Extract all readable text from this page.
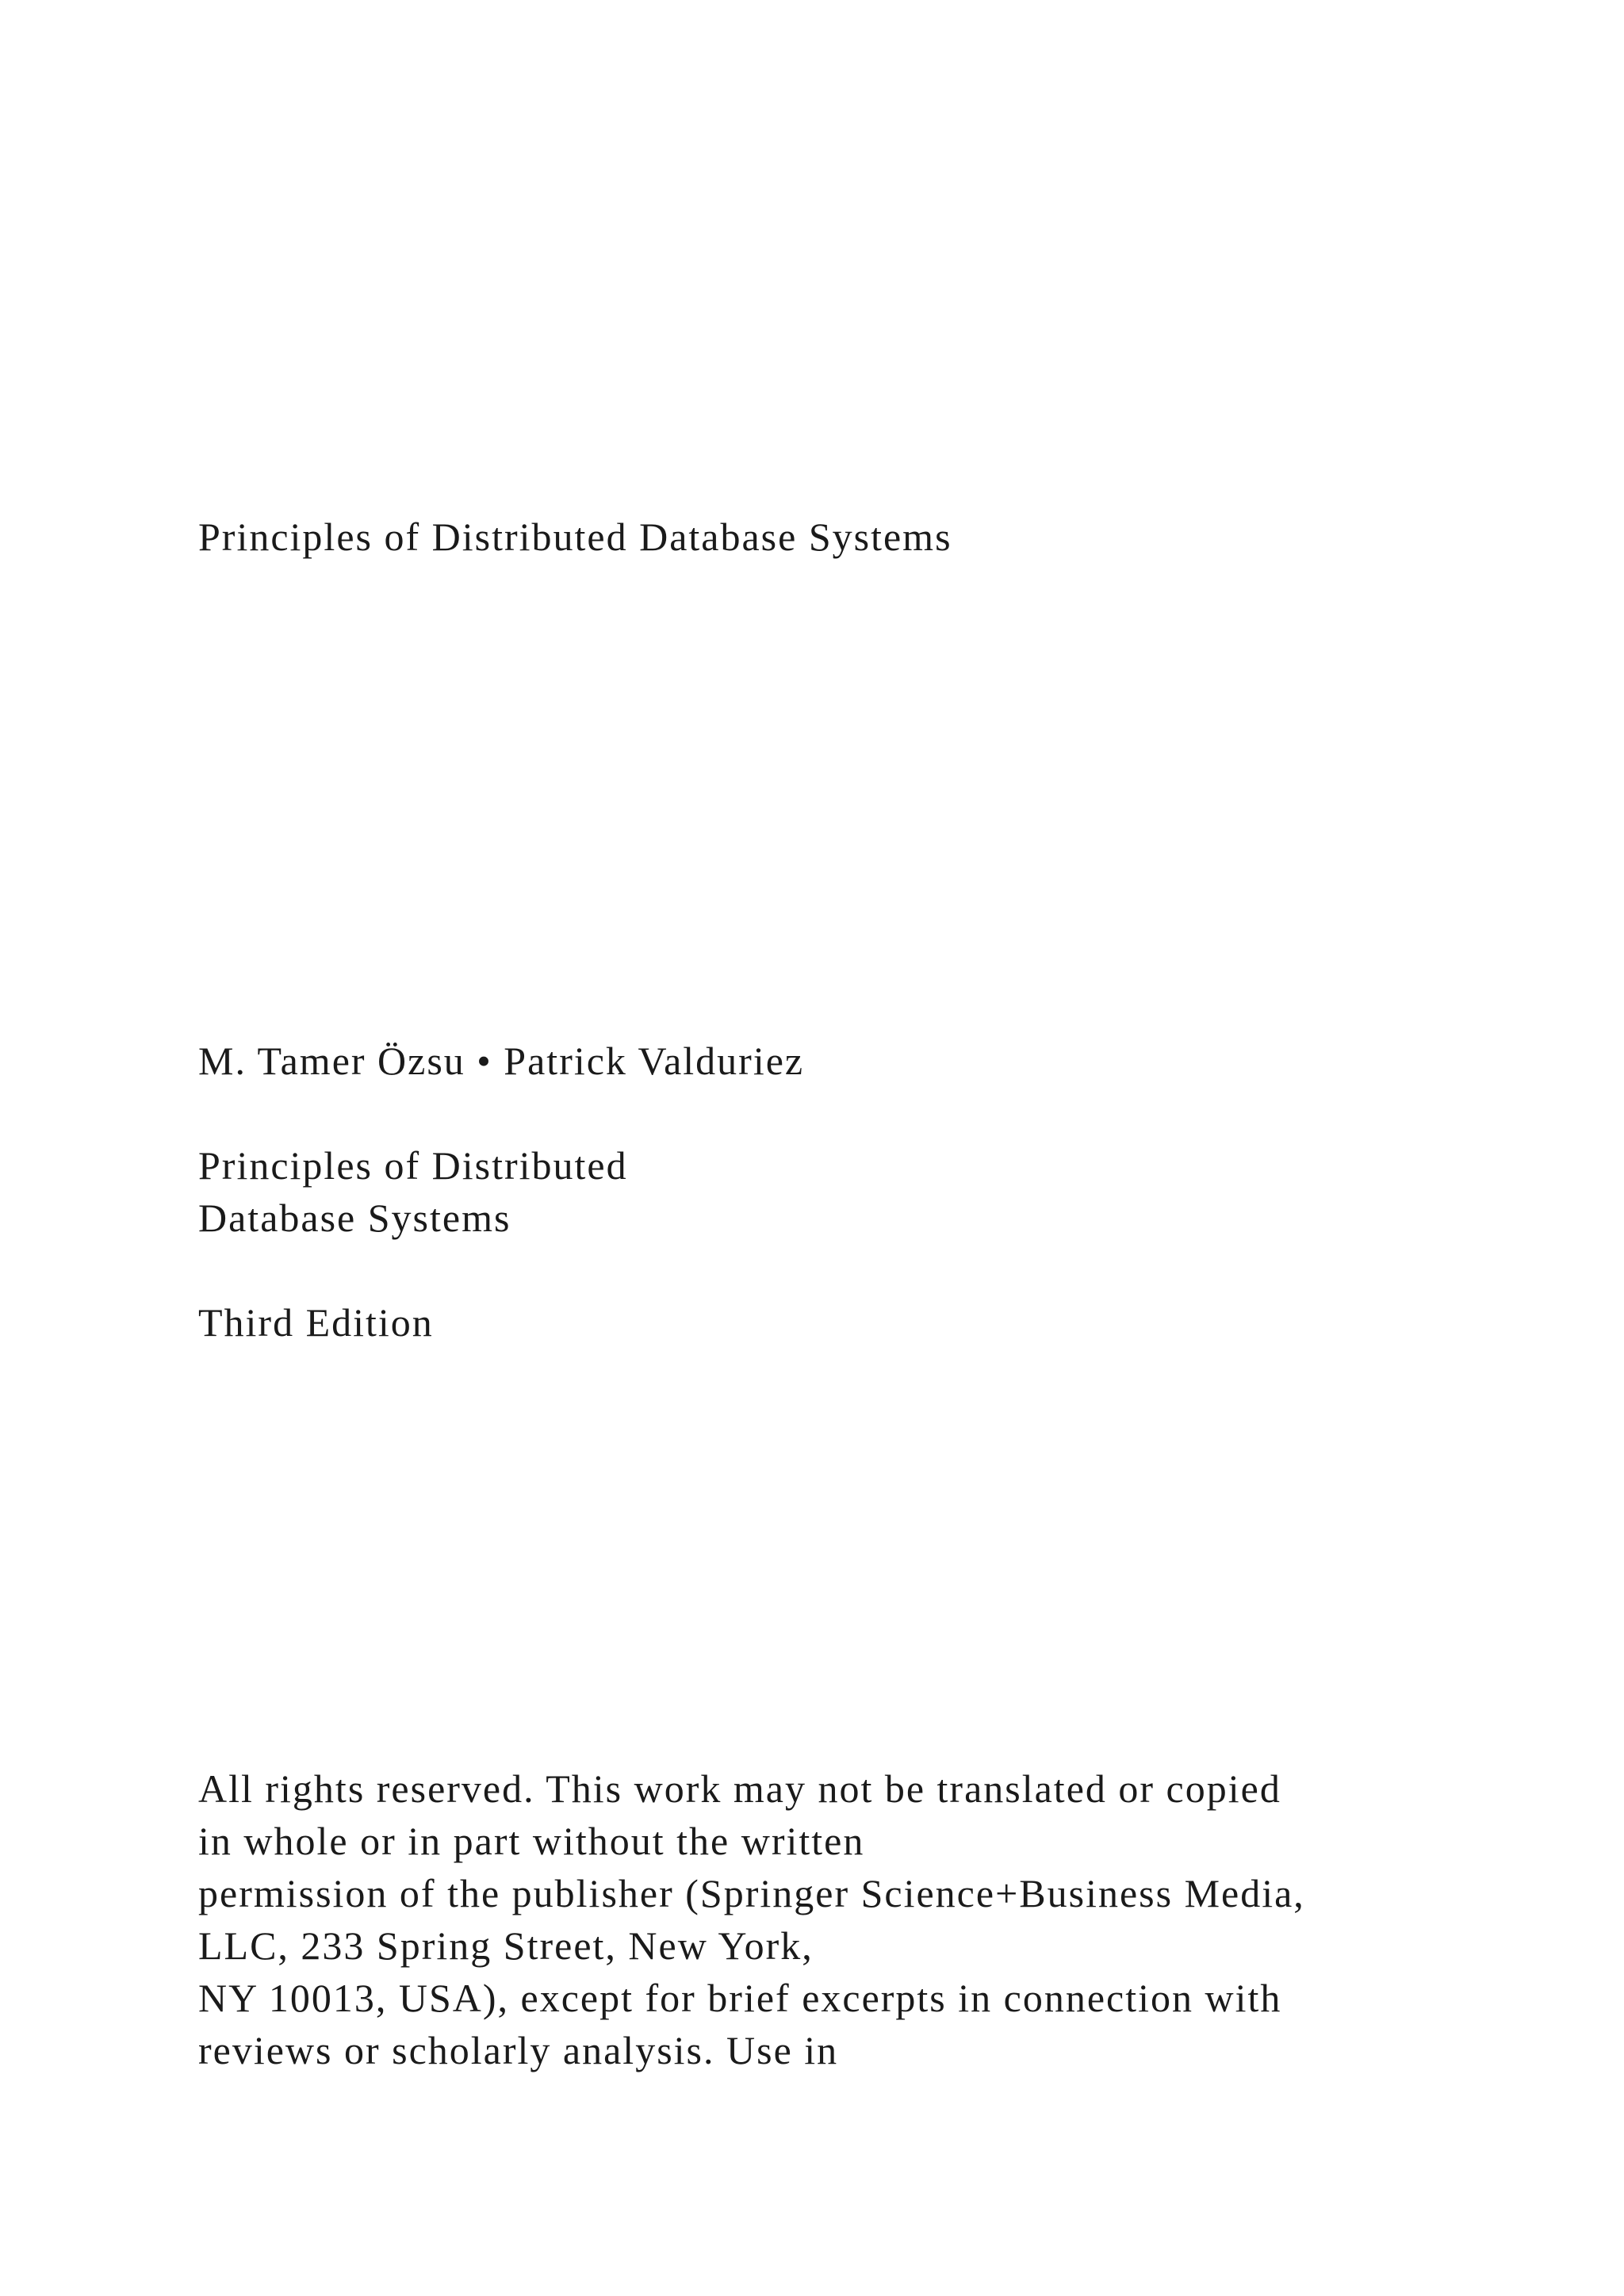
Principles of Distributed Database Systems
M. Tamer Özsu • Patrick Valduriez
Principles of Distributed
Database Systems
Third Edition
All rights reserved. This work may not be translated or copied
in whole or in part without the written
permission of the publisher (Springer Science+Business Media,
LLC, 233 Spring Street, New York,
NY 10013, USA), except for brief excerpts in connection with
reviews or scholarly analysis. Use in
